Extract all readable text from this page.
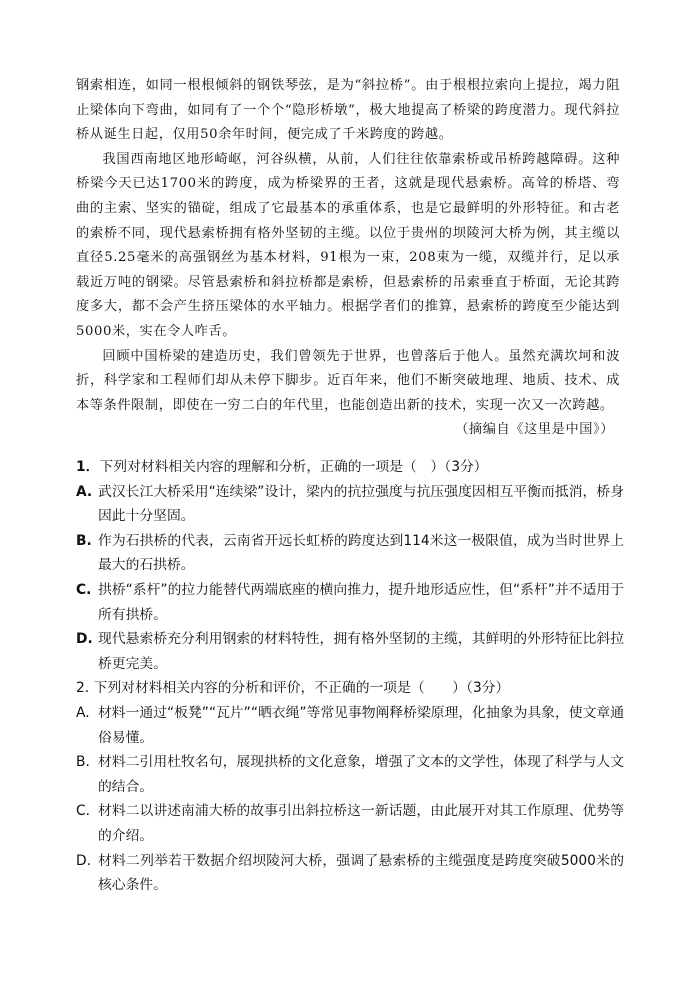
钢索相连，如同一根根倾斜的钢铁琴弦，是为“斜拉桥”。由于根根拉索向上提拉，竭力阻止梁体向下弯曲，如同有了一个个“隐形桥墩”，极大地提高了桥梁的跨度潜力。现代斜拉桥从诞生日起，仅用50余年时间，便完成了千米跨度的跨越。

我国西南地区地形崎岖，河谷纵横，从前，人们往往依靠索桥或吊桥跨越障碍。这种桥梁今天已达1700米的跨度，成为桥梁界的王者，这就是现代悬索桥。高耸的桥塔、弯曲的主索、坚实的锚碇，组成了它最基本的承重体系，也是它最鲜明的外形特征。和古老的索桥不同，现代悬索桥拥有格外坚韧的主缆。以位于贵州的坝陵河大桥为例，其主缆以直径5.25毫米的高强钢丝为基本材料，91根为一束，208束为一缆，双缆并行，足以承载近万吨的钢梁。尽管悬索桥和斜拉桥都是索桥，但悬索桥的吊索垂直于桥面，无论其跨度多大，都不会产生挤压梁体的水平轴力。根据学者们的推算，悬索桥的跨度至少能达到5000米，实在令人咋舌。

回顾中国桥梁的建造历史，我们曾领先于世界，也曾落后于他人。虽然充满坎坷和波折，科学家和工程师们却从未停下脚步。近百年来，他们不断突破地理、地质、技术、成本等条件限制，即使在一穷二白的年代里，也能创造出新的技术，实现一次又一次跨越。

（摘编自《这里是中国》）

1．下列对材料相关内容的理解和分析，正确的一项是（　）（3分）

A. 武汉长江大桥采用“连续梁”设计，梁内的抗拉强度与抗压强度因相互平衡而抵消，桥身因此十分坚固。
B. 作为石拱桥的代表，云南省开远长虹桥的跨度达到114米这一极限值，成为当时世界上最大的石拱桥。
C. 拱桥“系杆”的拉力能替代两端底座的横向推力，提升地形适应性，但“系杆”并不适用于所有拱桥。
D. 现代悬索桥充分利用钢索的材料特性，拥有格外坚韧的主缆，其鲜明的外形特征比斜拉桥更完美。

2. 下列对材料相关内容的分析和评价，不正确的一项是（　　）（3分）

A. 材料一通过“板凳”“瓦片”“晒衣绳”等常见事物阐释桥梁原理，化抽象为具象，使文章通俗易懂。
B. 材料二引用杜牧名句，展现拱桥的文化意象，增强了文本的文学性，体现了科学与人文的结合。
C. 材料二以讲述南浦大桥的故事引出斜拉桥这一新话题，由此展开对其工作原理、优势等的介绍。
D. 材料二列举若干数据介绍坝陵河大桥，强调了悬索桥的主缆强度是跨度突破5000米的核心条件。
